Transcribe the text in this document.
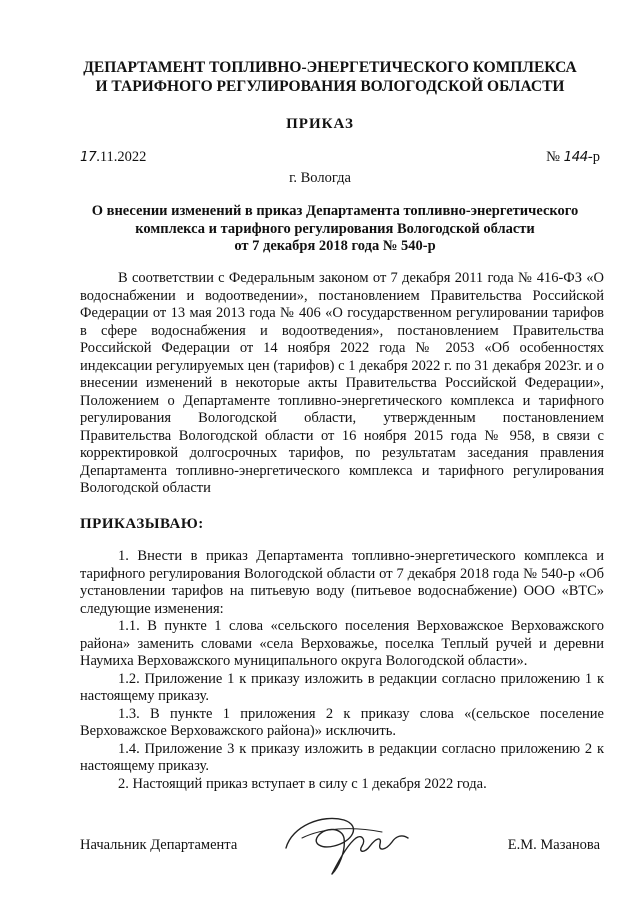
ДЕПАРТАМЕНТ ТОПЛИВНО-ЭНЕРГЕТИЧЕСКОГО КОМПЛЕКСА
И ТАРИФНОГО РЕГУЛИРОВАНИЯ ВОЛОГОДСКОЙ ОБЛАСТИ
ПРИКАЗ
17.11.2022	№ 144-р
г. Вологда
О внесении изменений в приказ Департамента топливно-энергетического
комплекса и тарифного регулирования Вологодской области
от 7 декабря 2018 года № 540-р

В соответствии с Федеральным законом от 7 декабря 2011 года № 416-ФЗ «О водоснабжении и водоотведении», постановлением Правительства Российской Федерации от 13 мая 2013 года № 406 «О государственном регулировании тарифов в сфере водоснабжения и водоотведения», постановлением Правительства Российской Федерации от 14 ноября 2022 года № 2053 «Об особенностях индексации регулируемых цен (тарифов) с 1 декабря 2022 г. по 31 декабря 2023г. и о внесении изменений в некоторые акты Правительства Российской Федерации», Положением о Департаменте топливно-энергетического комплекса и тарифного регулирования Вологодской области, утвержденным постановлением Правительства Вологодской области от 16 ноября 2015 года № 958, в связи с корректировкой долгосрочных тарифов, по результатам заседания правления Департамента топливно-энергетического комплекса и тарифного регулирования Вологодской области

ПРИКАЗЫВАЮ:

1. Внести в приказ Департамента топливно-энергетического комплекса и тарифного регулирования Вологодской области от 7 декабря 2018 года № 540-р «Об установлении тарифов на питьевую воду (питьевое водоснабжение) ООО «ВТС» следующие изменения:

1.1. В пункте 1 слова «сельского поселения Верховажское Верховажского района» заменить словами «села Верховажье, поселка Теплый ручей и деревни Наумиха Верховажского муниципального округа Вологодской области».

1.2. Приложение 1 к приказу изложить в редакции согласно приложению 1 к настоящему приказу.

1.3. В пункте 1 приложения 2 к приказу слова «(сельское поселение Верховажское Верховажского района)» исключить.

1.4. Приложение 3 к приказу изложить в редакции согласно приложению 2 к настоящему приказу.

2. Настоящий приказ вступает в силу с 1 декабря 2022 года.

Начальник Департамента	Е.М. Мазанова
